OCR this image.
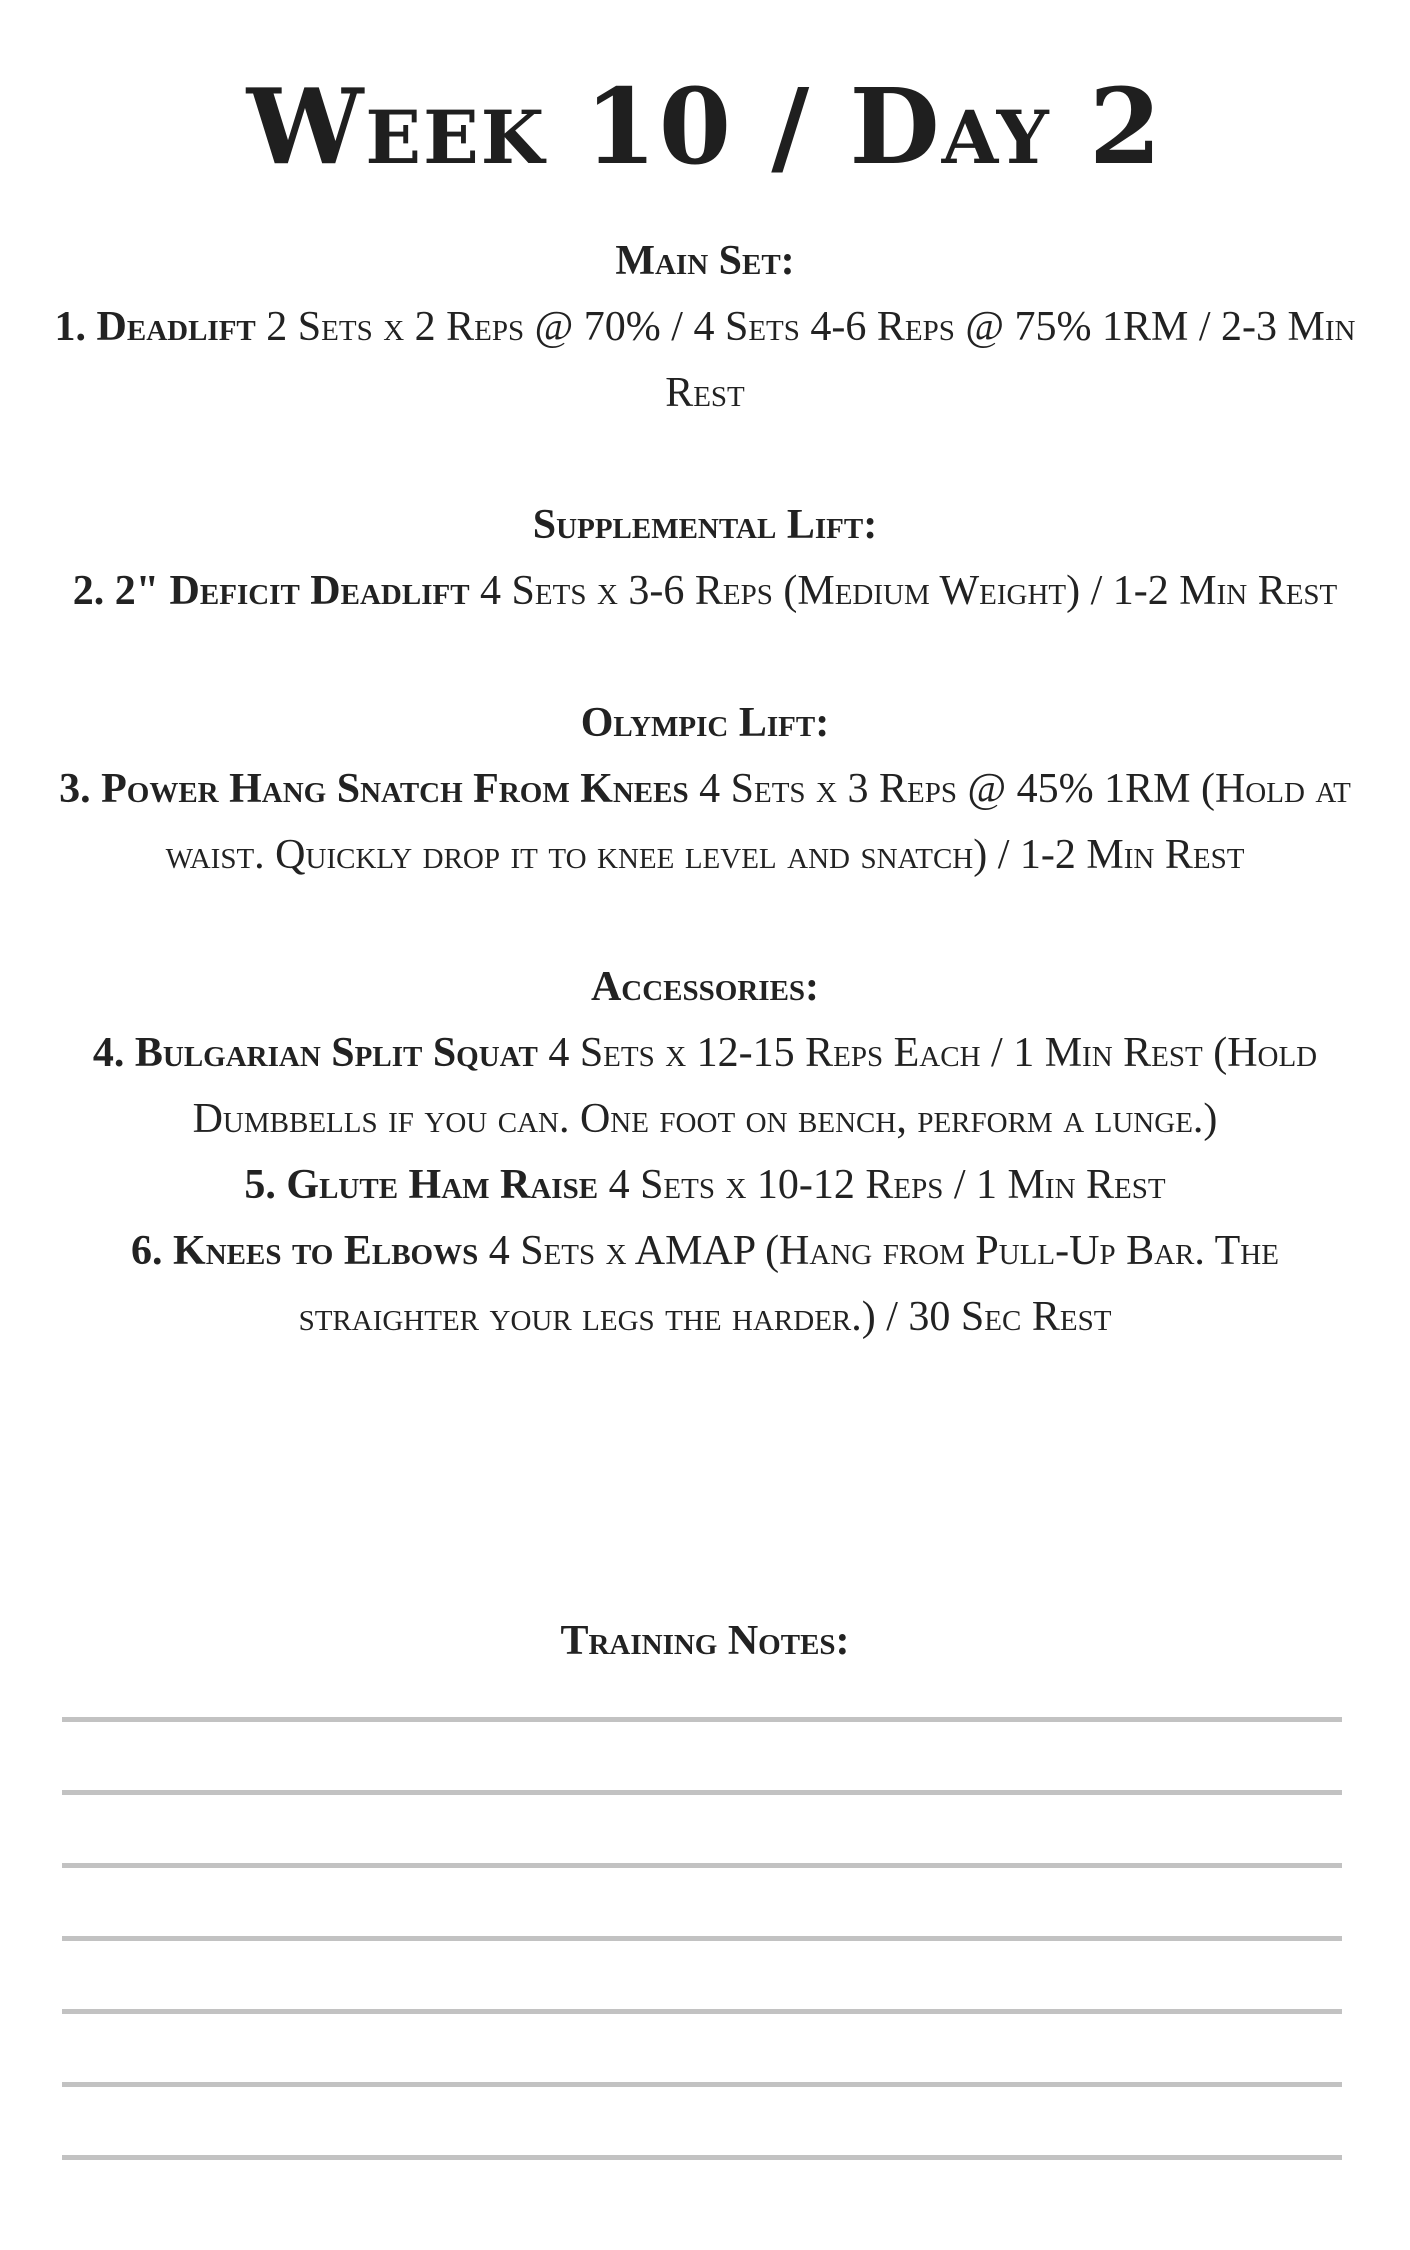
Week 10 / Day 2
Main Set:
1. Deadlift 2 Sets x 2 Reps @ 70% / 4 Sets 4-6 Reps @ 75% 1RM / 2-3 Min Rest
Supplemental Lift:
2. 2" Deficit Deadlift 4 Sets x 3-6 Reps (Medium Weight) / 1-2 Min Rest
Olympic Lift:
3. Power Hang Snatch From Knees 4 Sets x 3 Reps @ 45% 1RM (Hold at waist. Quickly drop it to knee level and snatch) / 1-2 Min Rest
Accessories:
4. Bulgarian Split Squat 4 Sets x 12-15 Reps Each / 1 Min Rest (Hold Dumbbells if you can. One foot on bench, perform a lunge.)
5. Glute Ham Raise 4 Sets x 10-12 Reps / 1 Min Rest
6. Knees to Elbows 4 Sets x AMAP (Hang from Pull-Up Bar. The straighter your legs the harder.) / 30 Sec Rest
Training Notes:
